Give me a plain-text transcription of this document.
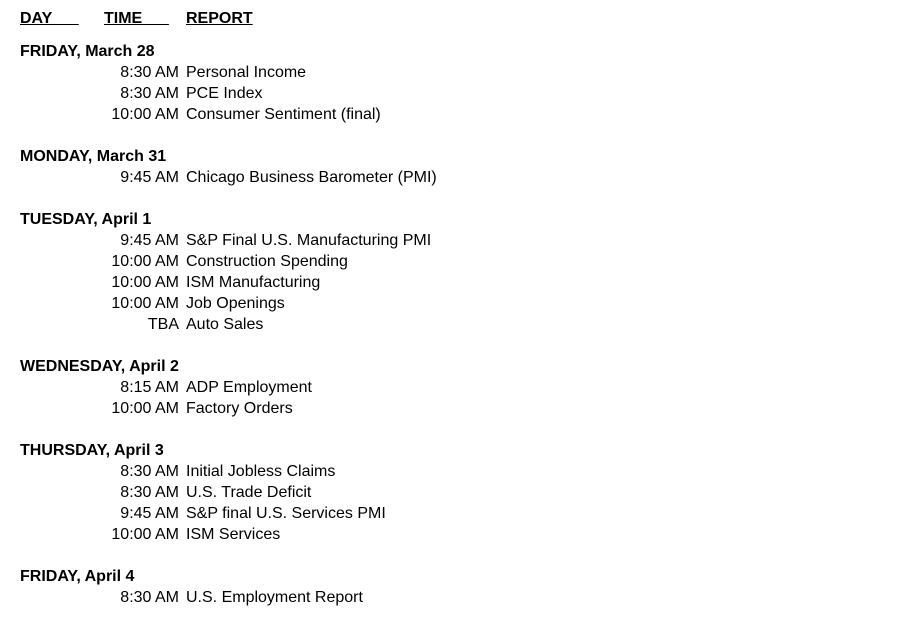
DAY TIME REPORT
FRIDAY, March 28
8:30 AM Personal Income
8:30 AM PCE Index
10:00 AM Consumer Sentiment (final)
MONDAY, March 31
9:45 AM Chicago Business Barometer (PMI)
TUESDAY, April 1
9:45 AM S&P Final U.S. Manufacturing PMI
10:00 AM Construction Spending
10:00 AM ISM Manufacturing
10:00 AM Job Openings
TBA Auto Sales
WEDNESDAY, April 2
8:15 AM ADP Employment
10:00 AM Factory Orders
THURSDAY, April 3
8:30 AM Initial Jobless Claims
8:30 AM U.S. Trade Deficit
9:45 AM S&P final U.S. Services PMI
10:00 AM ISM Services
FRIDAY, April 4
8:30 AM U.S. Employment Report
